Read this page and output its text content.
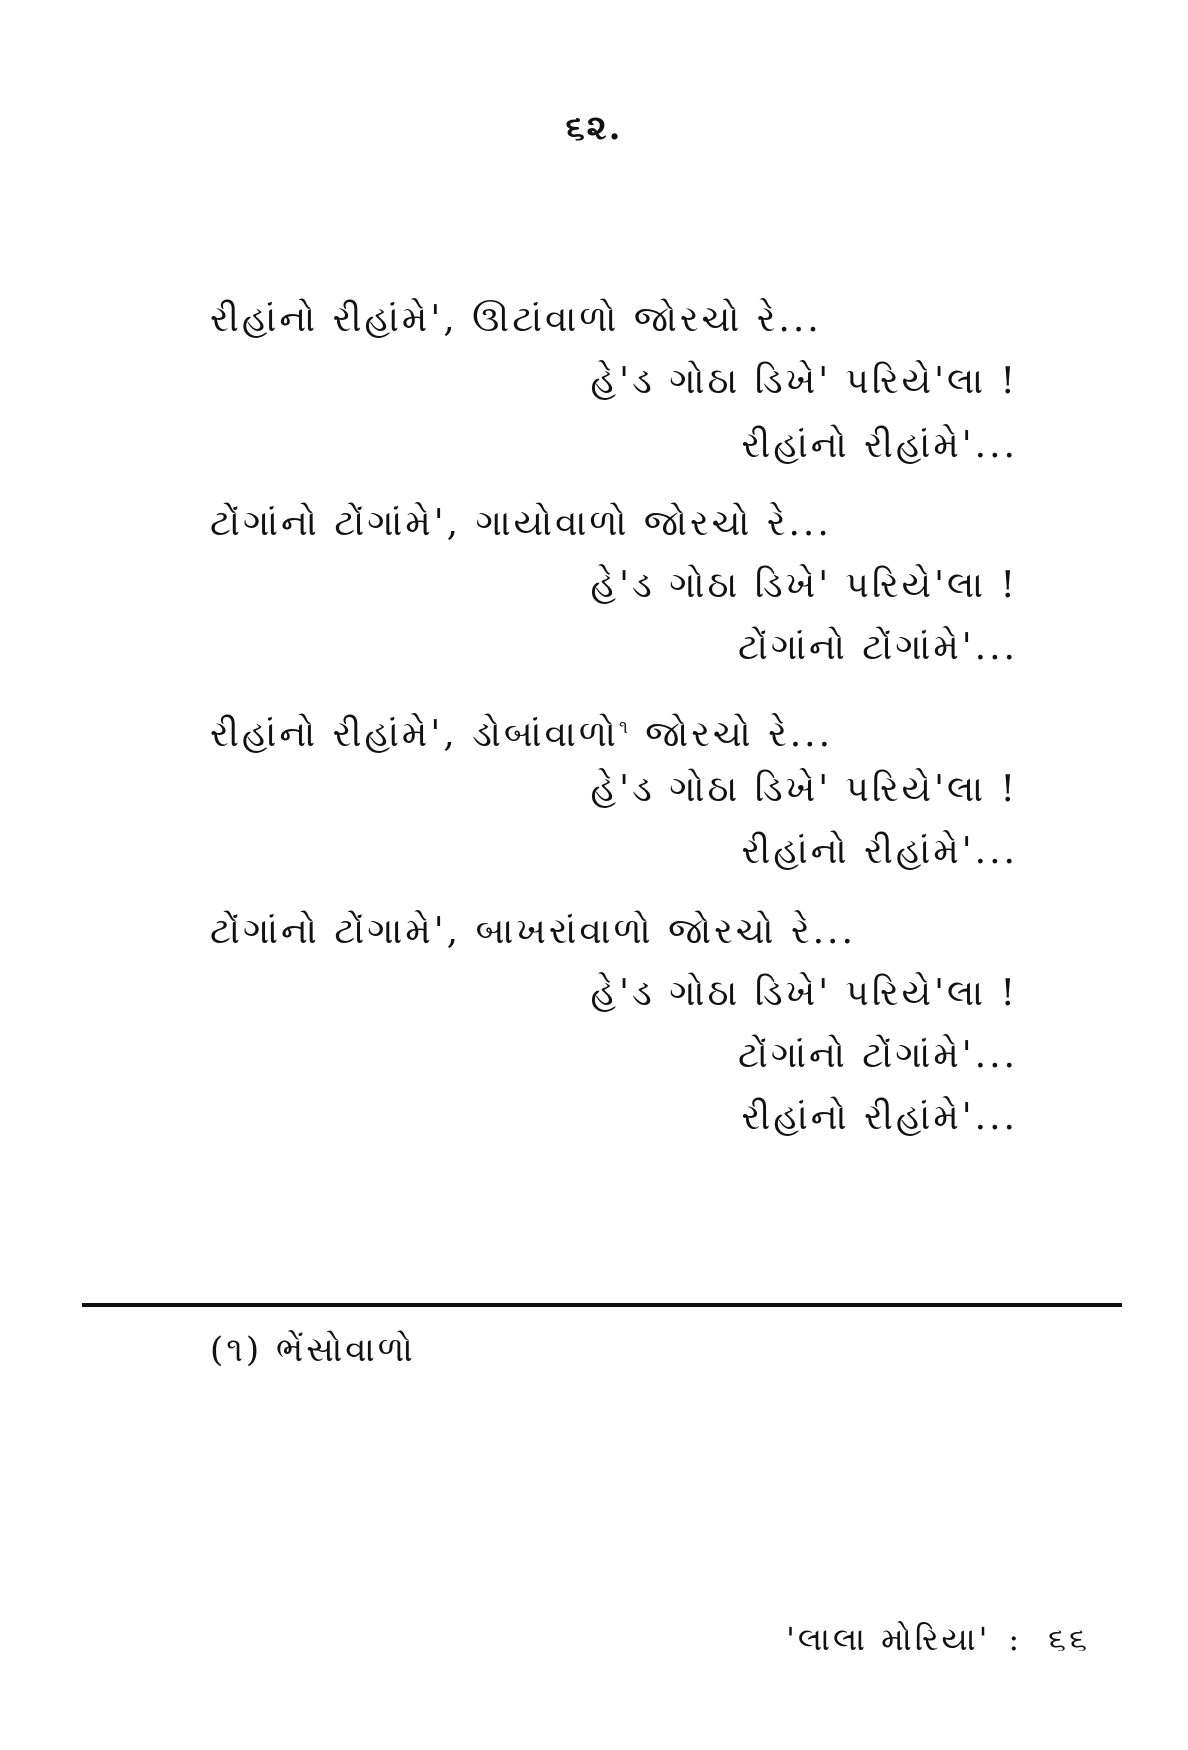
૬૨.
રીહાંનો રીહાંમે', ઊટાંવાળો જોરચો રે...
હે'ડ ગોઠા ડિખે' પરિયે'લા !
રીહાંનો રીહાંમે'...
ટોંગાંનો ટોંગાંમે', ગાયોવાળો જોરચો રે...
હે'ડ ગોઠા ડિખે' પરિયે'લા !
ટોંગાંનો ટોંગાંમે'...
રીહાંનો રીહાંમે', ડોબાંવાળો$^૧$ જોરચો રે...
હે'ડ ગોઠા ડિખે' પરિયે'લા !
રીહાંનો રીહાંમે'...
ટોંગાંનો ટોંગામે', બાખરાંવાળો જોરચો રે...
હે'ડ ગોઠા ડિખે' પરિયે'લા !
ટોંગાંનો ટોંગાંમે'...
રીહાંનો રીહાંમે'...
(૧) ભેંસોવાળો
'લાલા મોરિયા' : ૬૬
